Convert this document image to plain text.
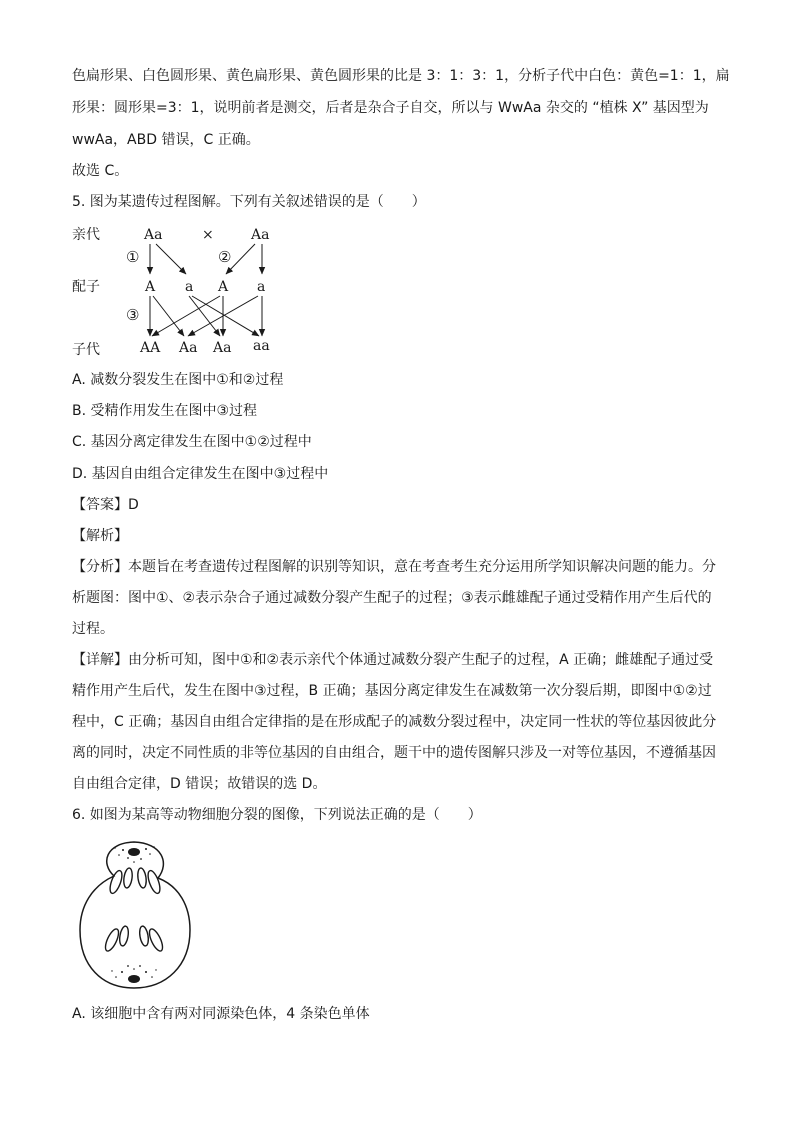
色扁形果、白色圆形果、黄色扁形果、黄色圆形果的比是 3：1：3：1，分析子代中白色：黄色=1：1，扁
形果：圆形果=3：1，说明前者是测交，后者是杂合子自交，所以与 WwAa 杂交的 “植株 X” 基因型为
wwAa，ABD 错误，C 正确。
故选 C。
5. 图为某遗传过程图解。下列有关叙述错误的是（　　）
亲代
配子
子代
Aa	×	Aa
①	②
③
A a A a
AA Aa Aa aa
A. 减数分裂发生在图中①和②过程
B. 受精作用发生在图中③过程
C. 基因分离定律发生在图中①②过程中
D. 基因自由组合定律发生在图中③过程中
【答案】D
【解析】
【分析】本题旨在考查遗传过程图解的识别等知识，意在考查考生充分运用所学知识解决问题的能力。分
析题图：图中①、②表示杂合子通过减数分裂产生配子的过程；③表示雌雄配子通过受精作用产生后代的
过程。
【详解】由分析可知，图中①和②表示亲代个体通过减数分裂产生配子的过程，A 正确；雌雄配子通过受
精作用产生后代，发生在图中③过程，B 正确；基因分离定律发生在减数第一次分裂后期，即图中①②过
程中，C 正确；基因自由组合定律指的是在形成配子的减数分裂过程中，决定同一性状的等位基因彼此分
离的同时，决定不同性质的非等位基因的自由组合，题干中的遗传图解只涉及一对等位基因，不遵循基因
自由组合定律，D 错误；故错误的选 D。
6. 如图为某高等动物细胞分裂的图像，下列说法正确的是（　　）
A. 该细胞中含有两对同源染色体，4 条染色单体
